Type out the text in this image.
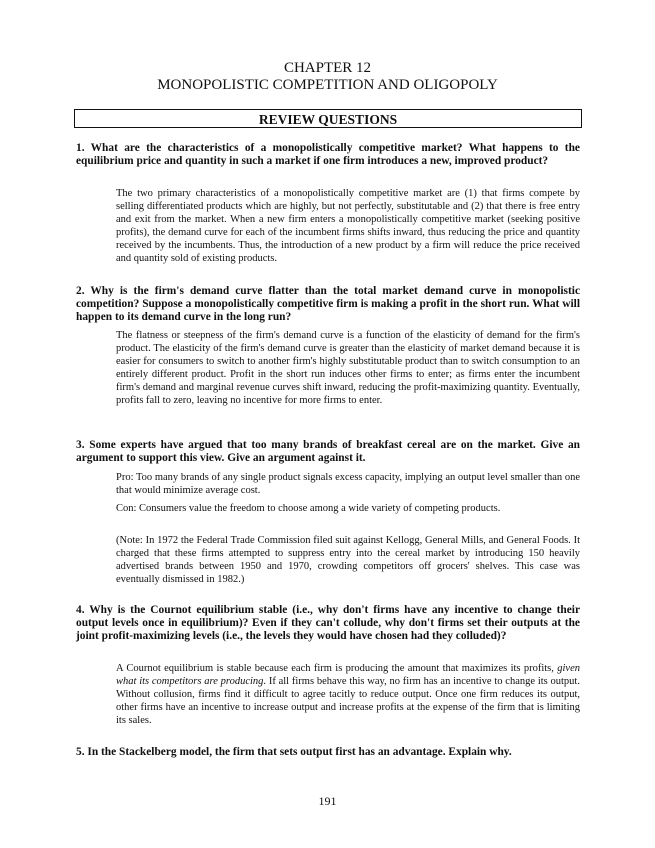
CHAPTER 12
MONOPOLISTIC COMPETITION AND OLIGOPOLY
REVIEW QUESTIONS
1. What are the characteristics of a monopolistically competitive market? What happens to the equilibrium price and quantity in such a market if one firm introduces a new, improved product?
The two primary characteristics of a monopolistically competitive market are (1) that firms compete by selling differentiated products which are highly, but not perfectly, substitutable and (2) that there is free entry and exit from the market. When a new firm enters a monopolistically competitive market (seeking positive profits), the demand curve for each of the incumbent firms shifts inward, thus reducing the price and quantity received by the incumbents. Thus, the introduction of a new product by a firm will reduce the price received and quantity sold of existing products.
2. Why is the firm's demand curve flatter than the total market demand curve in monopolistic competition? Suppose a monopolistically competitive firm is making a profit in the short run. What will happen to its demand curve in the long run?
The flatness or steepness of the firm's demand curve is a function of the elasticity of demand for the firm's product. The elasticity of the firm's demand curve is greater than the elasticity of market demand because it is easier for consumers to switch to another firm's highly substitutable product than to switch consumption to an entirely different product. Profit in the short run induces other firms to enter; as firms enter the incumbent firm's demand and marginal revenue curves shift inward, reducing the profit-maximizing quantity. Eventually, profits fall to zero, leaving no incentive for more firms to enter.
3. Some experts have argued that too many brands of breakfast cereal are on the market. Give an argument to support this view. Give an argument against it.
Pro: Too many brands of any single product signals excess capacity, implying an output level smaller than one that would minimize average cost.
Con: Consumers value the freedom to choose among a wide variety of competing products.
(Note: In 1972 the Federal Trade Commission filed suit against Kellogg, General Mills, and General Foods. It charged that these firms attempted to suppress entry into the cereal market by introducing 150 heavily advertised brands between 1950 and 1970, crowding competitors off grocers' shelves. This case was eventually dismissed in 1982.)
4. Why is the Cournot equilibrium stable (i.e., why don't firms have any incentive to change their output levels once in equilibrium)? Even if they can't collude, why don't firms set their outputs at the joint profit-maximizing levels (i.e., the levels they would have chosen had they colluded)?
A Cournot equilibrium is stable because each firm is producing the amount that maximizes its profits, given what its competitors are producing. If all firms behave this way, no firm has an incentive to change its output. Without collusion, firms find it difficult to agree tacitly to reduce output. Once one firm reduces its output, other firms have an incentive to increase output and increase profits at the expense of the firm that is limiting its sales.
5. In the Stackelberg model, the firm that sets output first has an advantage. Explain why.
191
